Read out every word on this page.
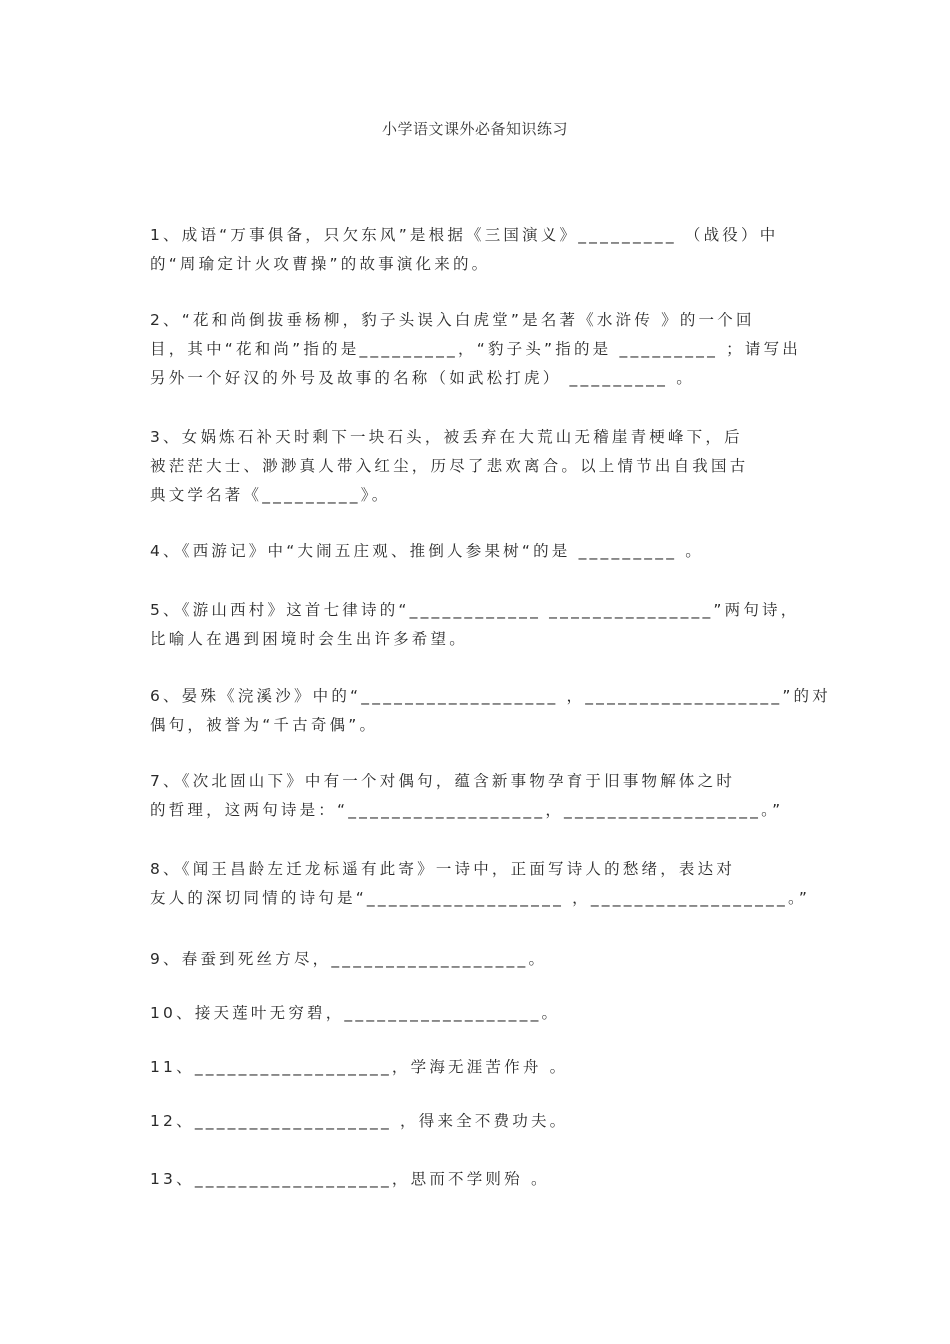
小学语文课外必备知识练习
1、成语“万事俱备，只欠东风”是根据《三国演义》_________ （战役）中
的“周瑜定计火攻曹操”的故事演化来的。
2、“花和尚倒拔垂杨柳，豹子头误入白虎堂”是名著《水浒传 》的一个回
目，其中“花和尚”指的是_________，“豹子头”指的是 _________ ；请写出
另外一个好汉的外号及故事的名称（如武松打虎） _________ 。
3、女娲炼石补天时剩下一块石头，被丢弃在大荒山无稽崖青梗峰下，后
被茫茫大士、渺渺真人带入红尘，历尽了悲欢离合。以上情节出自我国古
典文学名著《_________》。
4、《西游记》中“大闹五庄观、推倒人参果树“的是 _________ 。
5、《游山西村》这首七律诗的“____________ _______________”两句诗，
比喻人在遇到困境时会生出许多希望。
6、晏殊《浣溪沙》中的“__________________ ，__________________”的对
偶句，被誉为“千古奇偶”。
7、《次北固山下》中有一个对偶句，蕴含新事物孕育于旧事物解体之时
的哲理，这两句诗是：“__________________，__________________。”
8、《闻王昌龄左迁龙标遥有此寄》一诗中，正面写诗人的愁绪，表达对
友人的深切同情的诗句是“__________________ ，__________________。”
9、春蚕到死丝方尽，__________________。
10、接天莲叶无穷碧，__________________。
11、__________________，学海无涯苦作舟 。
12、__________________ ，得来全不费功夫。
13、__________________，思而不学则殆 。
